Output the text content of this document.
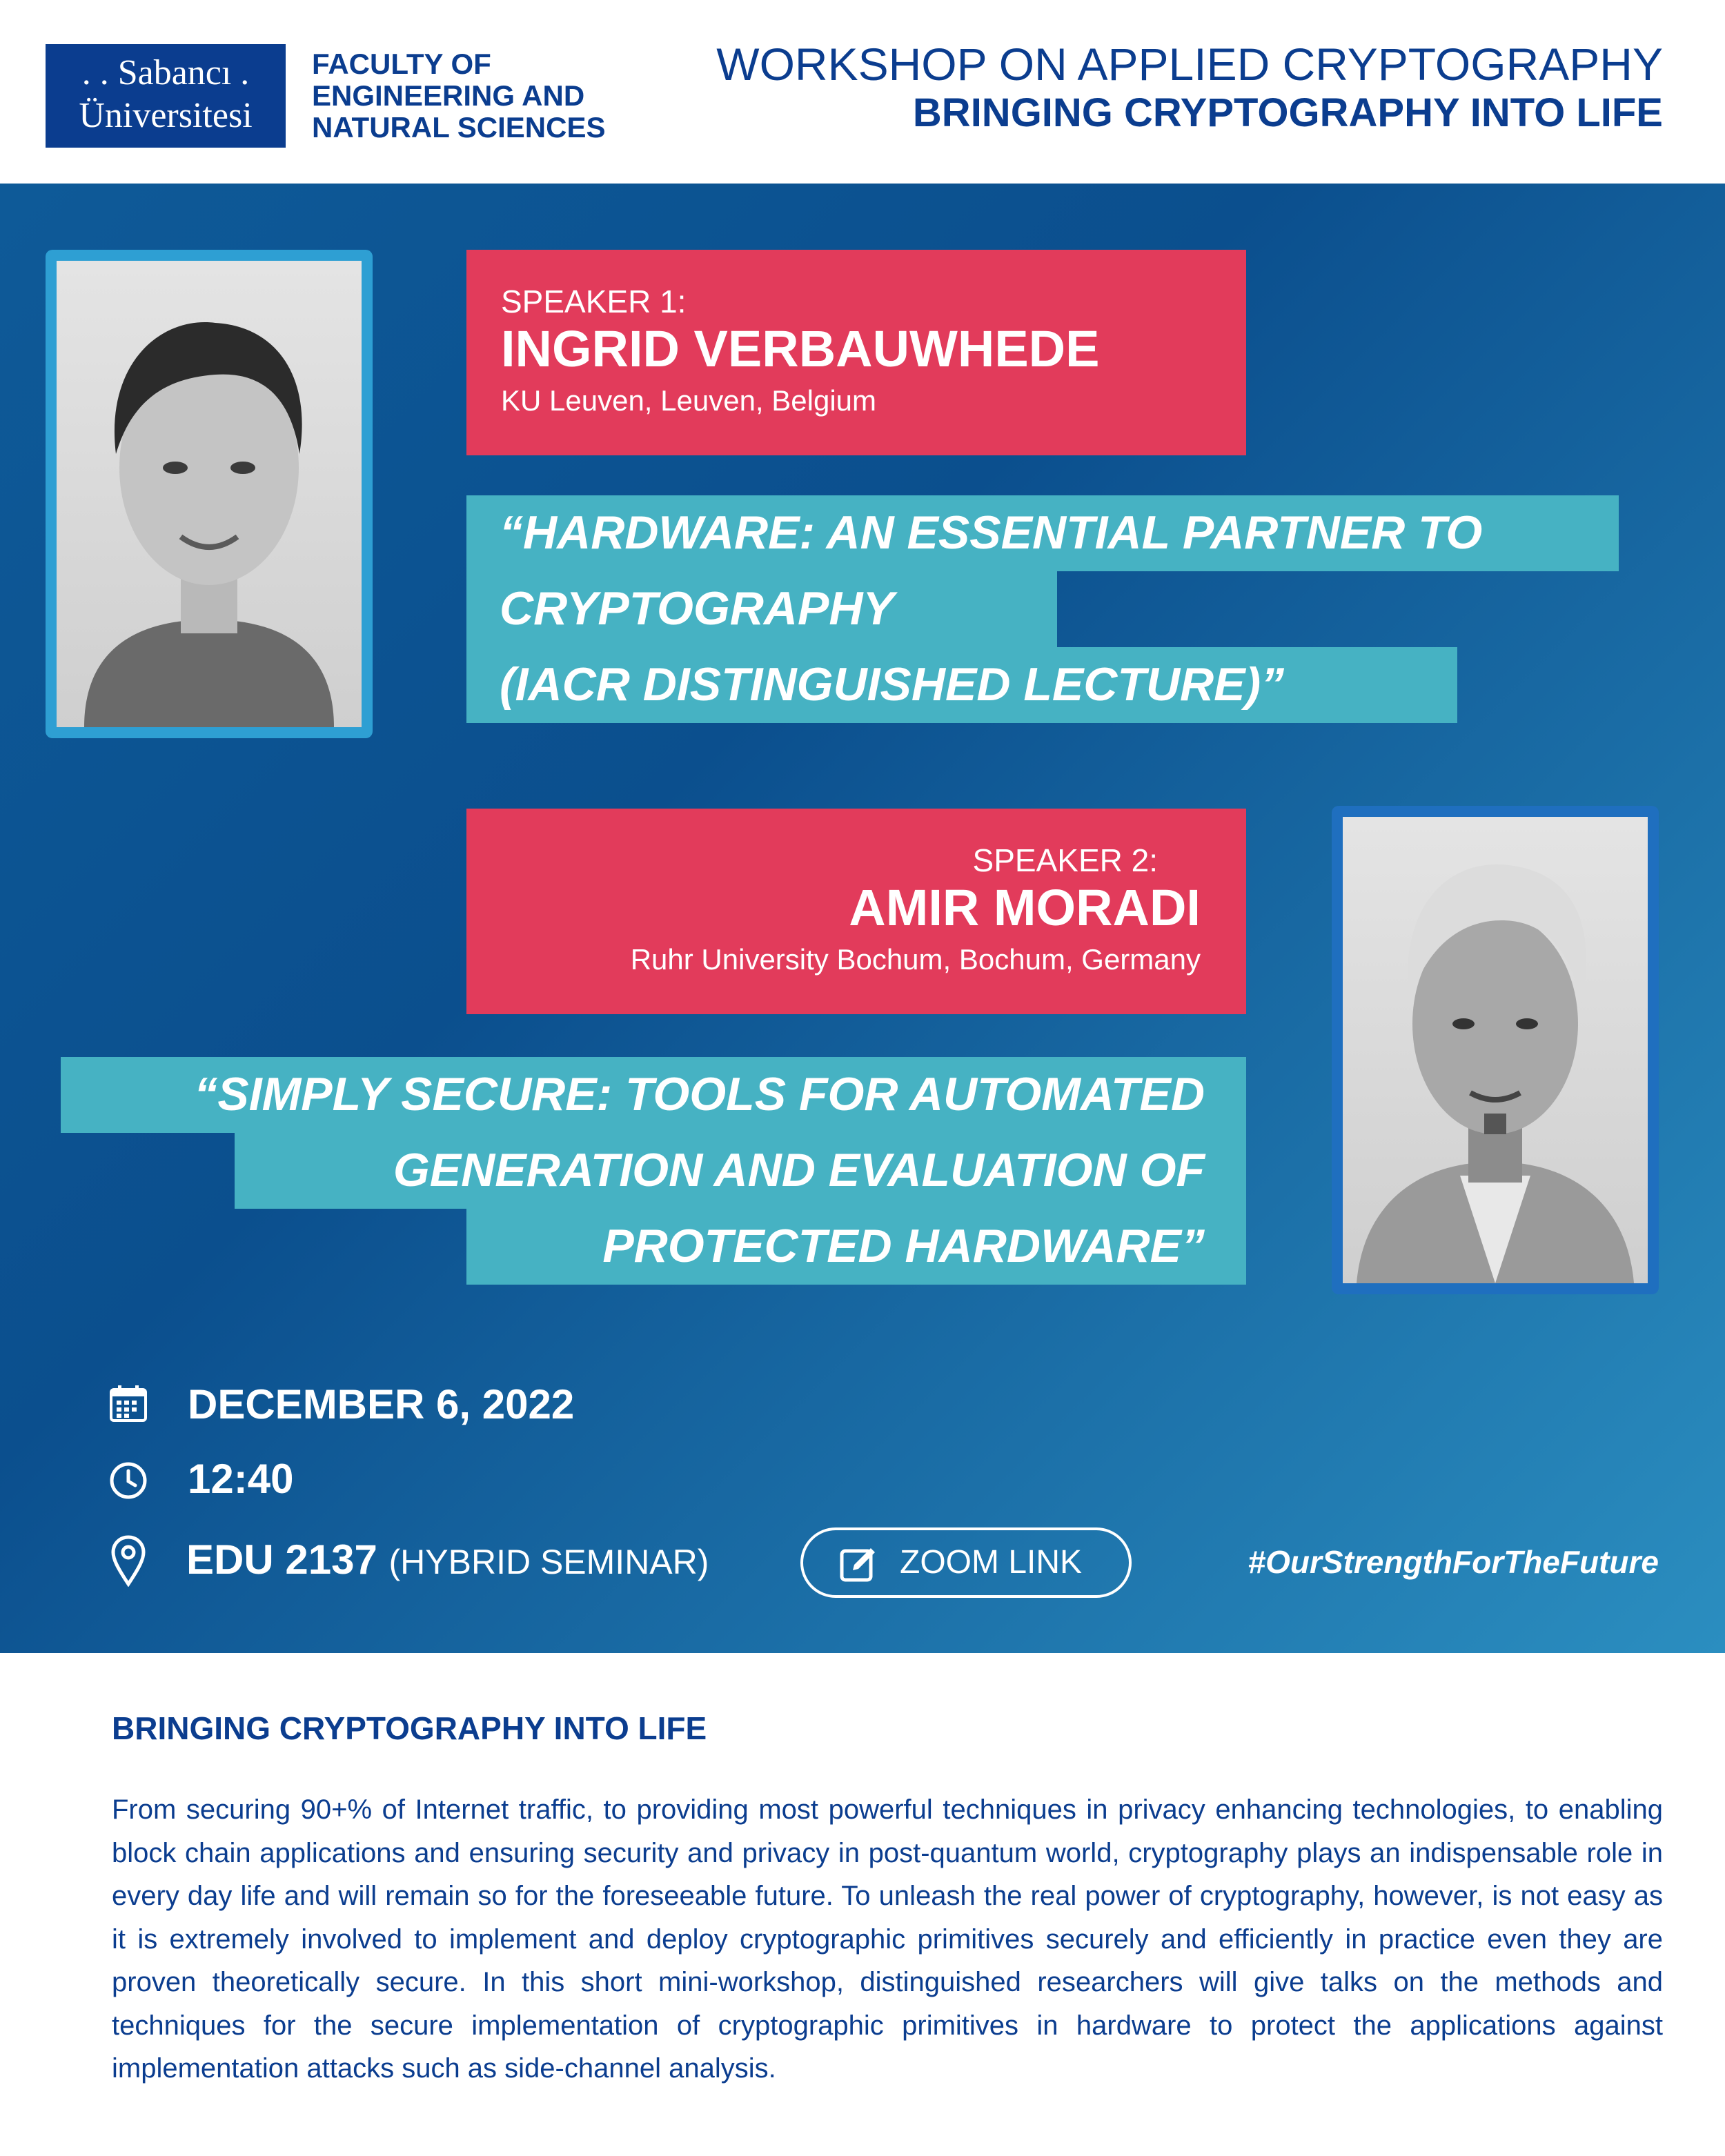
. . Sabancı .
Üniversitesi
FACULTY OF
ENGINEERING AND
NATURAL SCIENCES
WORKSHOP ON APPLIED CRYPTOGRAPHY
BRINGING CRYPTOGRAPHY INTO LIFE
SPEAKER 1:
INGRID VERBAUWHEDE
KU Leuven, Leuven, Belgium
“HARDWARE: AN ESSENTIAL PARTNER TO
CRYPTOGRAPHY
(IACR DISTINGUISHED LECTURE)”
SPEAKER 2:
AMIR MORADI
Ruhr University Bochum, Bochum, Germany
“SIMPLY SECURE: TOOLS FOR AUTOMATED
GENERATION AND EVALUATION OF
PROTECTED HARDWARE”
DECEMBER 6, 2022
12:40
EDU 2137 (HYBRID SEMINAR)	ZOOM LINK	#OurStrengthForTheFuture
BRINGING CRYPTOGRAPHY INTO LIFE
From securing 90+% of Internet traffic, to providing most powerful techniques in privacy enhancing technologies, to enabling block chain applications and ensuring security and privacy in post-quantum world, cryptography plays an indispensable role in every day life and will remain so for the foreseeable future. To unleash the real power of cryptography, however, is not easy as it is extremely involved to implement and deploy cryptographic primitives securely and efficiently in practice even they are proven theoretically secure. In this short mini-workshop, distinguished researchers will give talks on the methods and techniques for the secure implementation of cryptographic primitives in hardware to protect the applications against implementation attacks such as side-channel analysis.
